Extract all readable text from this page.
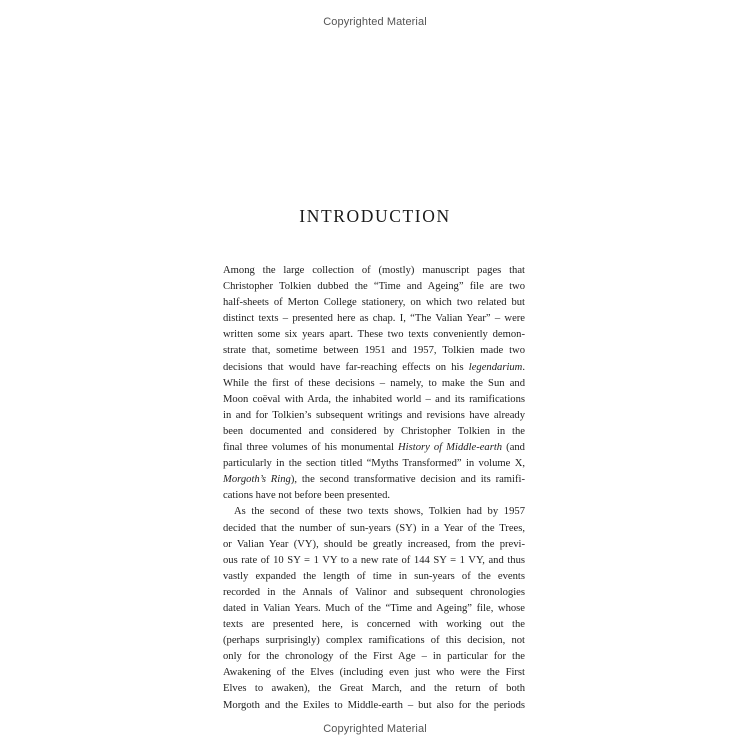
Copyrighted Material
INTRODUCTION
Among the large collection of (mostly) manuscript pages that
Christopher Tolkien dubbed the “Time and Ageing” file are two
half-sheets of Merton College stationery, on which two related but
distinct texts – presented here as chap. I, “The Valian Year” – were
written some six years apart. These two texts conveniently demon-
strate that, sometime between 1951 and 1957, Tolkien made two
decisions that would have far-reaching effects on his legendarium.
While the first of these decisions – namely, to make the Sun and
Moon coëval with Arda, the inhabited world – and its ramifications
in and for Tolkien’s subsequent writings and revisions have already
been documented and considered by Christopher Tolkien in the
final three volumes of his monumental History of Middle-earth (and
particularly in the section titled “Myths Transformed” in volume X,
Morgoth’s Ring), the second transformative decision and its ramifi-
cations have not before been presented.
As the second of these two texts shows, Tolkien had by 1957
decided that the number of sun-years (SY) in a Year of the Trees,
or Valian Year (VY), should be greatly increased, from the previ-
ous rate of 10 SY = 1 VY to a new rate of 144 SY = 1 VY, and thus
vastly expanded the length of time in sun-years of the events
recorded in the Annals of Valinor and subsequent chronologies
dated in Valian Years. Much of the “Time and Ageing” file, whose
texts are presented here, is concerned with working out the
(perhaps surprisingly) complex ramifications of this decision, not
only for the chronology of the First Age – in particular for the
Awakening of the Elves (including even just who were the First
Elves to awaken), the Great March, and the return of both
Morgoth and the Exiles to Middle-earth – but also for the periods
Copyrighted Material
